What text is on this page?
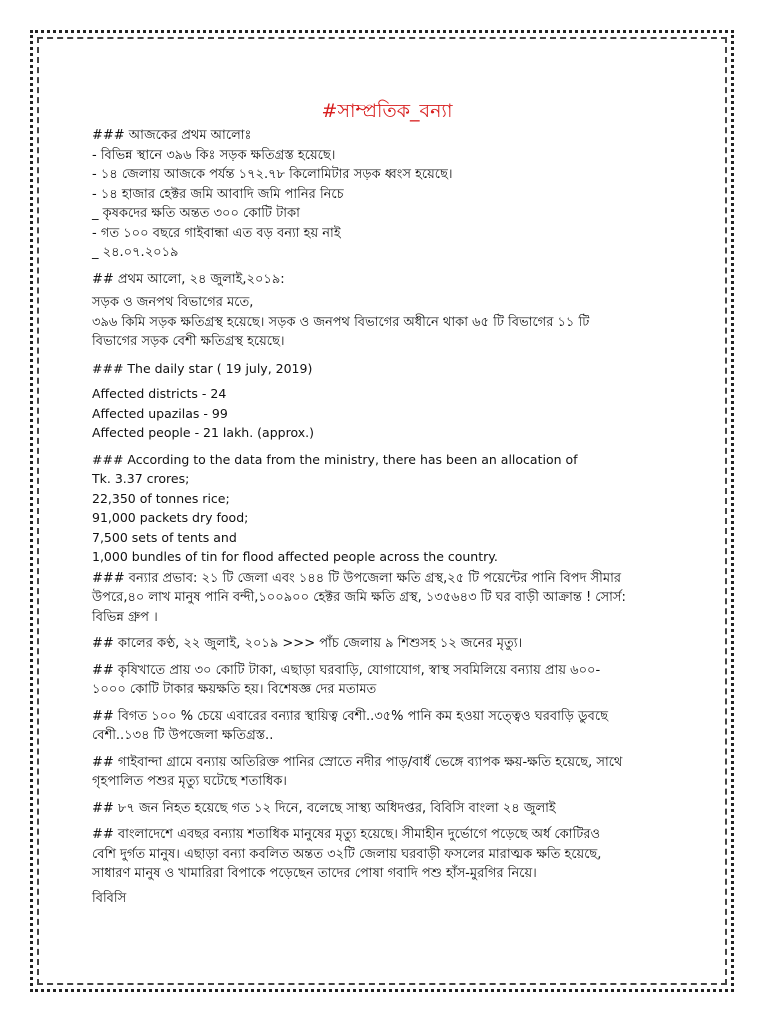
#সাম্প্রতিক_বন্যা
### আজকের প্রথম আলোঃ
- বিভিন্ন স্থানে ৩৯৬ কিঃ সড়ক ক্ষতিগ্রস্ত হয়েছে।
- ১৪ জেলায় আজকে পর্যন্ত ১৭২.৭৮ কিলোমিটার সড়ক ধ্বংস হয়েছে।
- ১৪ হাজার হেক্টর জমি আবাদি জমি পানির নিচে
_ কৃষকদের ক্ষতি অন্তত ৩০০ কোটি টাকা
- গত ১০০ বছরে গাইবান্ধা এত বড় বন্যা হয় নাই
_ ২৪.০৭.২০১৯
## প্রথম আলো, ২৪ জুলাই,২০১৯:
সড়ক ও জনপথ বিভাগের মতে,
৩৯৬ কিমি সড়ক ক্ষতিগ্রস্থ হয়েছে। সড়ক ও জনপথ বিভাগের অধীনে থাকা ৬৫ টি বিভাগের ১১ টি
বিভাগের সড়ক বেশী ক্ষতিগ্রস্থ হয়েছে।
### The daily star ( 19 july, 2019)
Affected districts - 24
Affected upazilas - 99
Affected people - 21 lakh. (approx.)
### According to the data from the ministry, there has been an allocation of
Tk. 3.37 crores;
22,350 of tonnes rice;
91,000 packets dry food;
7,500 sets of tents and
1,000 bundles of tin for flood affected people across the country.
### বন্যার প্রভাব: ২১ টি জেলা এবং ১৪৪ টি উপজেলা ক্ষতি গ্রস্থ,২৫ টি পয়েন্টের পানি বিপদ সীমার
উপরে,৪০ লাখ মানুষ পানি বন্দী,১০০৯০০ হেক্টর জমি ক্ষতি গ্রস্থ, ১৩৫৬৪৩ টি ঘর বাড়ী আক্রান্ত ! সোর্স:
বিভিন্ন গ্রুপ ।
## কালের কণ্ঠ, ২২ জুলাই, ২০১৯ >>> পাঁচ জেলায় ৯ শিশুসহ ১২ জনের মৃত্যু।
## কৃষিখাতে প্রায় ৩০ কোটি টাকা, এছাড়া ঘরবাড়ি, যোগাযোগ, স্বাস্থ সবমিলিয়ে বন্যায় প্রায় ৬০০-
১০০০ কোটি টাকার ক্ষয়ক্ষতি হয়। বিশেষজ্ঞ দের মতামত
## বিগত ১০০ % চেয়ে এবারের বন্যার স্থায়িত্ব বেশী..৩৫% পানি কম হওয়া সত্ত্বেও ঘরবাড়ি ডুবছে
বেশী..১৩৪ টি উপজেলা ক্ষতিগ্রস্ত..
## গাইবান্দা গ্রামে বন্যায় অতিরিক্ত পানির স্রোতে নদীর পাড়/বাধঁ ভেঙ্গে ব্যাপক ক্ষয়-ক্ষতি হয়েছে, সাথে
গৃহপালিত পশুর মৃত্যু ঘটেছে শতাধিক।
## ৮৭ জন নিহত হয়েছে গত ১২ দিনে, বলেছে সাস্থ্য অধিদপ্তর, বিবিসি বাংলা ২৪ জুলাই
## বাংলাদেশে এবছর বন্যায় শতাধিক মানুষের মৃত্যু হয়েছে। সীমাহীন দুর্ভোগে পড়েছে অর্ধ কোটিরও
বেশি দুর্গত মানুষ। এছাড়া বন্যা কবলিত অন্তত ৩২টি জেলায় ঘরবাড়ী ফসলের মারাত্মক ক্ষতি হয়েছে,
সাধারণ মানুষ ও খামারিরা বিপাকে পড়েছেন তাদের পোষা গবাদি পশু হাঁস-মুরগির নিয়ে।
বিবিসি
